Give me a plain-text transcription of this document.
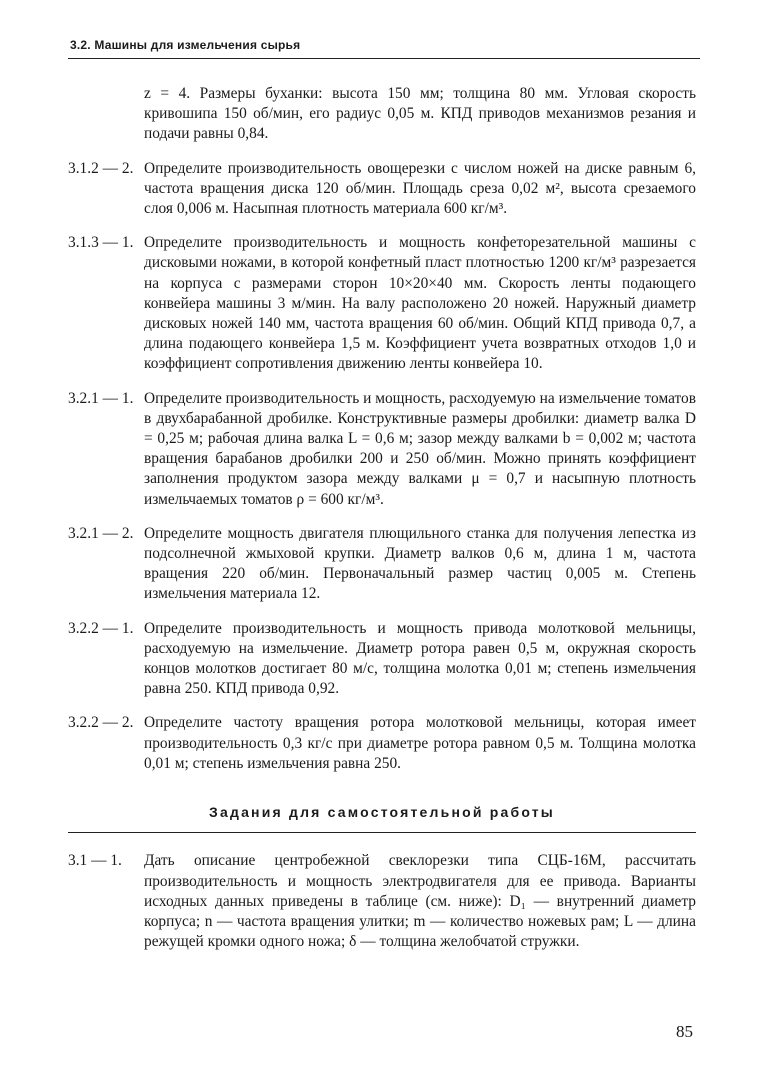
3.2. Машины для измельчения сырья
z = 4. Размеры буханки: высота 150 мм; толщина 80 мм. Угловая скорость кривошипа 150 об/мин, его радиус 0,05 м. КПД приводов механизмов резания и подачи равны 0,84.
3.1.2 — 2. Определите производительность овощерезки с числом ножей на диске равным 6, частота вращения диска 120 об/мин. Площадь среза 0,02 м², высота срезаемого слоя 0,006 м. Насыпная плотность материала 600 кг/м³.
3.1.3 — 1. Определите производительность и мощность конфеторезательной машины с дисковыми ножами, в которой конфетный пласт плотностью 1200 кг/м³ разрезается на корпуса с размерами сторон 10×20×40 мм. Скорость ленты подающего конвейера машины 3 м/мин. На валу расположено 20 ножей. Наружный диаметр дисковых ножей 140 мм, частота вращения 60 об/мин. Общий КПД привода 0,7, а длина подающего конвейера 1,5 м. Коэффициент учета возвратных отходов 1,0 и коэффициент сопротивления движению ленты конвейера 10.
3.2.1 — 1. Определите производительность и мощность, расходуемую на измельчение томатов в двухбарабанной дробилке. Конструктивные размеры дробилки: диаметр валка D = 0,25 м; рабочая длина валка L = 0,6 м; зазор между валками b = 0,002 м; частота вращения барабанов дробилки 200 и 250 об/мин. Можно принять коэффициент заполнения продуктом зазора между валками μ = 0,7 и насыпную плотность измельчаемых томатов ρ = 600 кг/м³.
3.2.1 — 2. Определите мощность двигателя плющильного станка для получения лепестка из подсолнечной жмыховой крупки. Диаметр валков 0,6 м, длина 1 м, частота вращения 220 об/мин. Первоначальный размер частиц 0,005 м. Степень измельчения материала 12.
3.2.2 — 1. Определите производительность и мощность привода молотковой мельницы, расходуемую на измельчение. Диаметр ротора равен 0,5 м, окружная скорость концов молотков достигает 80 м/с, толщина молотка 0,01 м; степень измельчения равна 250. КПД привода 0,92.
3.2.2 — 2. Определите частоту вращения ротора молотковой мельницы, которая имеет производительность 0,3 кг/с при диаметре ротора равном 0,5 м. Толщина молотка 0,01 м; степень измельчения равна 250.
Задания для самостоятельной работы
3.1 — 1.	Дать описание центробежной свеклорезки типа СЦБ-16М, рассчитать производительность и мощность электродвигателя для ее привода. Варианты исходных данных приведены в таблице (см. ниже): D₁ — внутренний диаметр корпуса; n — частота вращения улитки; m — количество ножевых рам; L — длина режущей кромки одного ножа; δ — толщина желобчатой стружки.
85
